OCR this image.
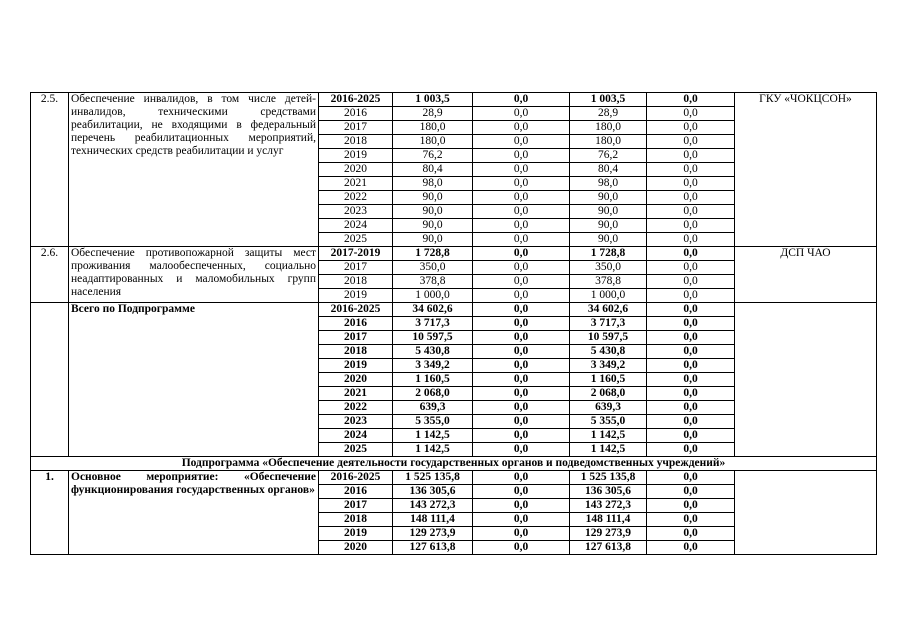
2.5.	Обеспечение инвалидов, в том числе детей-инвалидов, техническими средствами реабилитации, не входящими в федеральный перечень реабилитационных мероприятий, технических средств реабилитации и услуг	2016-2025	1 003,5	0,0	1 003,5	0,0	ГКУ «ЧОКЦСОН»
		2016	28,9	0,0	28,9	0,0	
		2017	180,0	0,0	180,0	0,0	
		2018	180,0	0,0	180,0	0,0	
		2019	76,2	0,0	76,2	0,0	
		2020	80,4	0,0	80,4	0,0	
		2021	98,0	0,0	98,0	0,0	
		2022	90,0	0,0	90,0	0,0	
		2023	90,0	0,0	90,0	0,0	
		2024	90,0	0,0	90,0	0,0	
		2025	90,0	0,0	90,0	0,0	
2.6.	Обеспечение противопожарной защиты мест проживания малообеспеченных, социально неадаптированных и маломобильных групп населения	2017-2019	1 728,8	0,0	1 728,8	0,0	ДСП ЧАО
		2017	350,0	0,0	350,0	0,0	
		2018	378,8	0,0	378,8	0,0	
		2019	1 000,0	0,0	1 000,0	0,0	
	Всего по Подпрограмме	2016-2025	34 602,6	0,0	34 602,6	0,0	
		2016	3 717,3	0,0	3 717,3	0,0	
		2017	10 597,5	0,0	10 597,5	0,0	
		2018	5 430,8	0,0	5 430,8	0,0	
		2019	3 349,2	0,0	3 349,2	0,0	
		2020	1 160,5	0,0	1 160,5	0,0	
		2021	2 068,0	0,0	2 068,0	0,0	
		2022	639,3	0,0	639,3	0,0	
		2023	5 355,0	0,0	5 355,0	0,0	
		2024	1 142,5	0,0	1 142,5	0,0	
		2025	1 142,5	0,0	1 142,5	0,0	
Подпрограмма «Обеспечение деятельности государственных органов и подведомственных учреждений»							
1.	Основное мероприятие: «Обеспечение функционирования государственных органов»	2016-2025	1 525 135,8	0,0	1 525 135,8	0,0	
		2016	136 305,6	0,0	136 305,6	0,0	
		2017	143 272,3	0,0	143 272,3	0,0	
		2018	148 111,4	0,0	148 111,4	0,0	
		2019	129 273,9	0,0	129 273,9	0,0	
		2020	127 613,8	0,0	127 613,8	0,0	
